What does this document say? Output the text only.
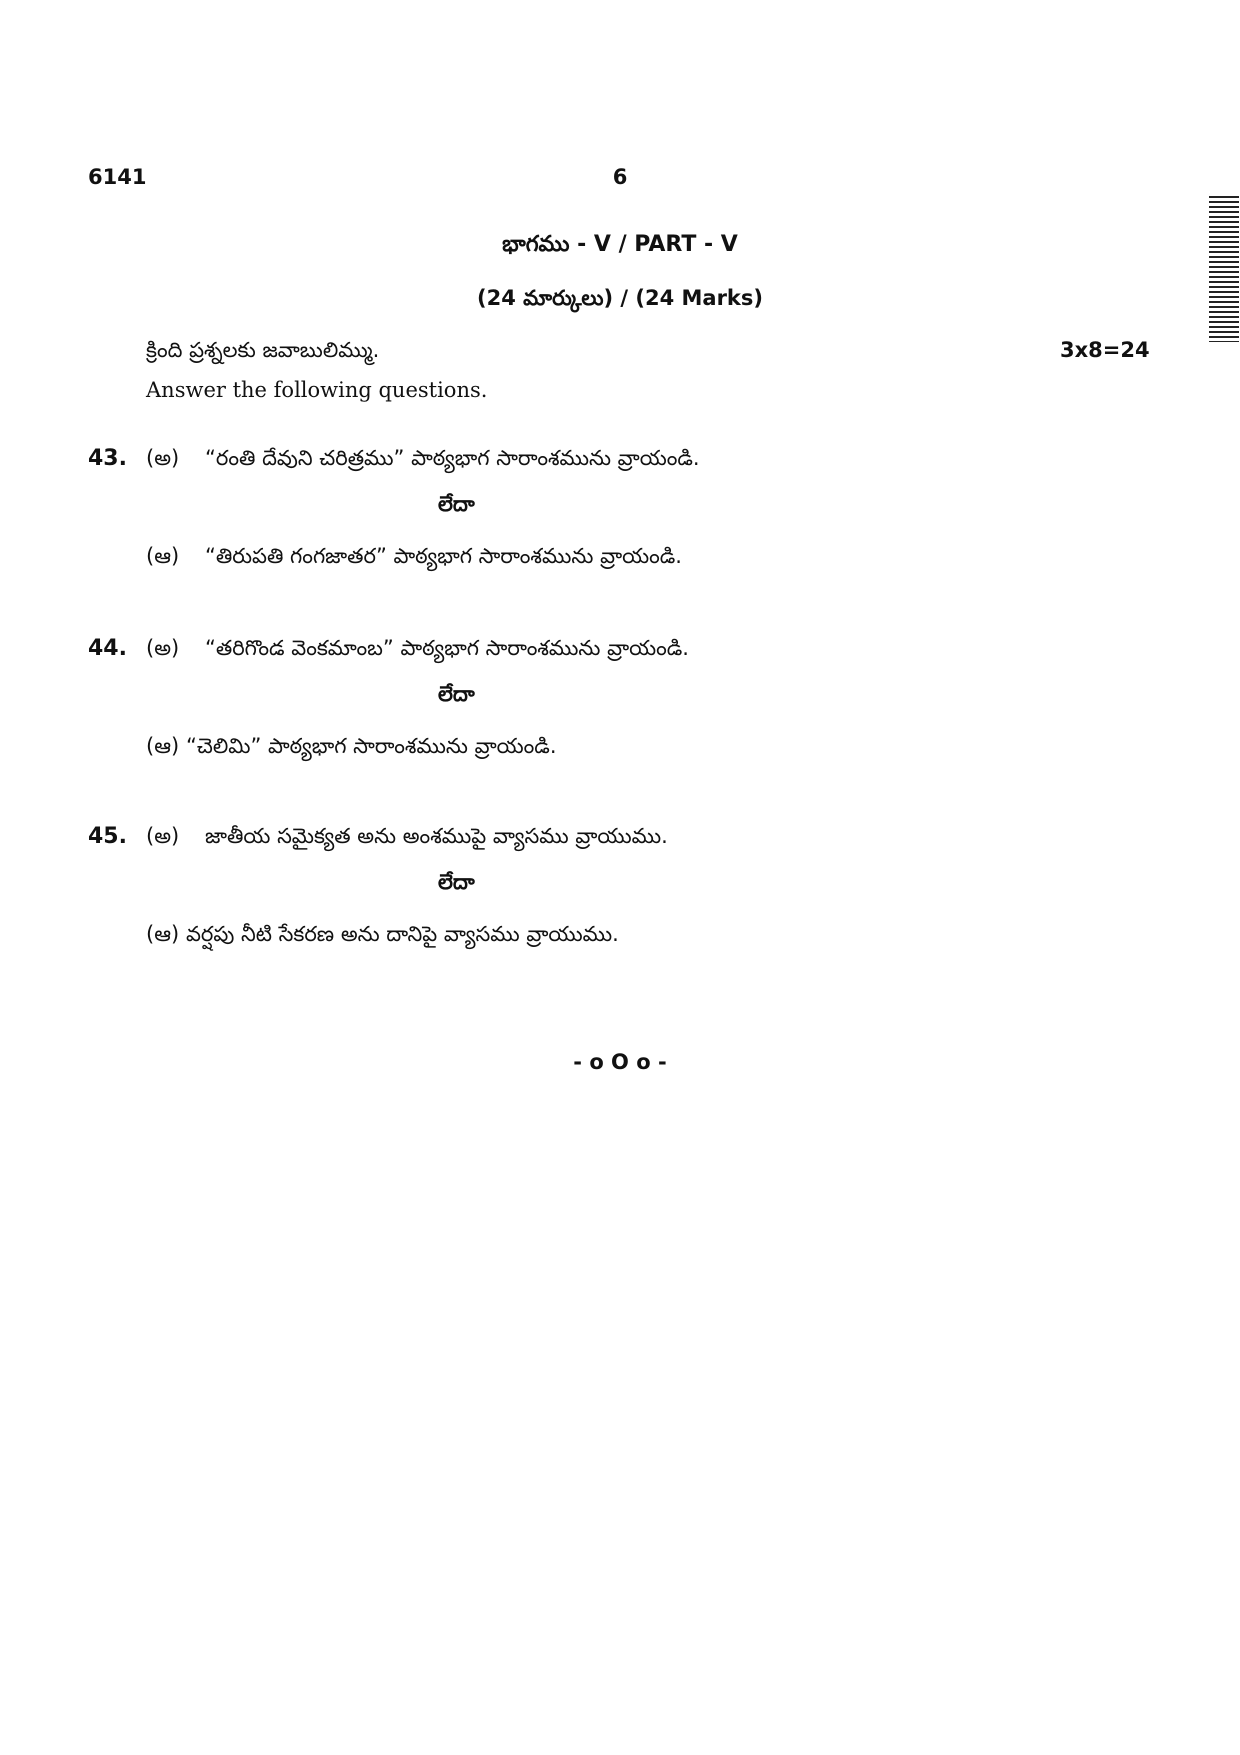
6141	6
భాగము - V / PART - V
(24 మార్కులు) / (24 Marks)
క్రింది ప్రశ్నలకు జవాబులిమ్ము.	3x8=24
Answer the following questions.
43. (అ) “రంతి దేవుని చరిత్రము” పాఠ్యభాగ సారాంశమును వ్రాయండి.
లేదా
(ఆ) “తిరుపతి గంగజాతర” పాఠ్యభాగ సారాంశమును వ్రాయండి.
44. (అ) “తరిగొండ వెంకమాంబ” పాఠ్యభాగ సారాంశమును వ్రాయండి.
లేదా
(ఆ) “చెలిమి” పాఠ్యభాగ సారాంశమును వ్రాయండి.
45. (అ) జాతీయ సమైక్యత అను అంశముపై వ్యాసము వ్రాయుము.
లేదా
(ఆ) వర్షపు నీటి సేకరణ అను దానిపై వ్యాసము వ్రాయుము.
- o O o -
